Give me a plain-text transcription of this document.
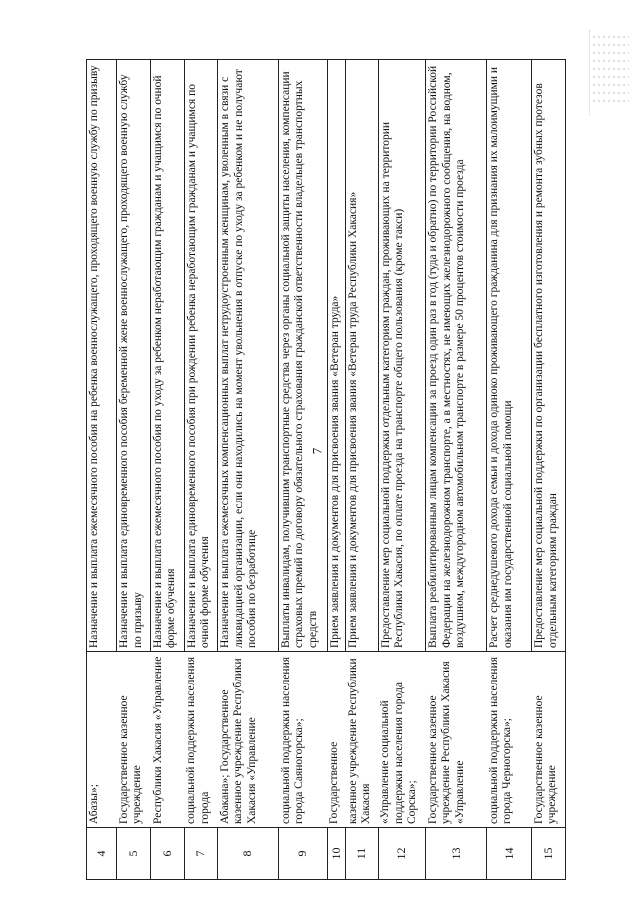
7
4	Абазы»;	Назначение и выплата ежемесячного пособия на ребенка военнослужащего, проходящего военную службу по призыву
5	Государственное казенное учреждение	Назначение и выплата единовременного пособия беременной жене военнослужащего, проходящего военную службу по призыву
6	Республики Хакасия «Управление	Назначение и выплата ежемесячного пособия по уходу за ребенком неработающим гражданам и учащимся по очной форме обучения
7	социальной поддержки населения города	Назначение и выплата единовременного пособия при рождении ребенка неработающим гражданам и учащимся по очной форме обучения
8	Абакана»; Государственное казенное учреждение Республики Хакасия «Управление	Назначение и выплата ежемесячных компенсационных выплат нетрудоустроенным женщинам, уволенным в связи с ликвидацией организации, если они находились на момент увольнения в отпуске по уходу за ребенком и не получают пособия по безработице
9	социальной поддержки населения города Саяногорска»;	Выплаты инвалидам, получившим транспортные средства через органы социальной защиты населения, компенсации страховых премий по договору обязательного страхования гражданской ответственности владельцев транспортных средств
10	Государственное	Прием заявления и документов для присвоения звания «Ветеран труда»
11	казенное учреждение Республики Хакасия	Прием заявления и документов для присвоения звания «Ветеран труда Республики Хакасия»
12	«Управление социальной поддержки населения города Сорска»;	Предоставление мер социальной поддержки отдельным категориям граждан, проживающих на территории Республики Хакасия, по оплате проезда на транспорте общего пользования (кроме такси)
13	Государственное казенное учреждение Республики Хакасия «Управление	Выплата реабилитированным лицам компенсации за проезд один раз в год (туда и обратно) по территории Российской Федерации на железнодорожном транспорте, а в местностях, не имеющих железнодорожного сообщения, на водном, воздушном, междугородном автомобильном транспорте в размере 50 процентов стоимости проезда
14	социальной поддержки населения города Черногорска»;	Расчет среднедушевого дохода семьи и дохода одиноко проживающего гражданина для признания их малоимущими и оказания им государственной социальной помощи
15	Государственное казенное учреждение	Предоставление мер социальной поддержки по организации бесплатного изготовления и ремонта зубных протезов отдельным категориям граждан
